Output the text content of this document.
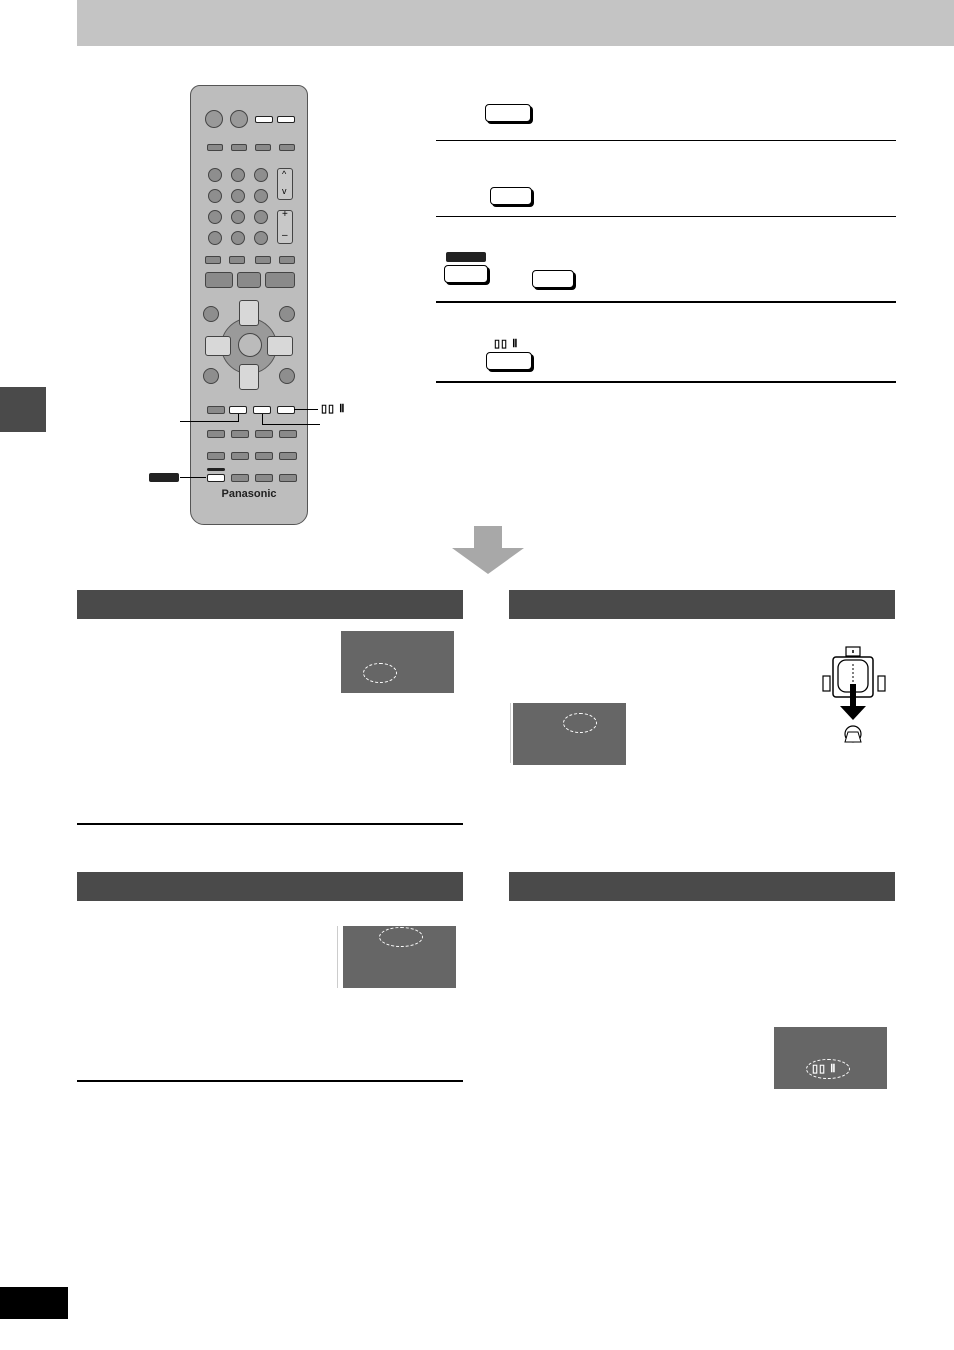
^
v
+
–
Panasonic
▯▯ Ⅱ
▯▯ Ⅱ
▯▯ Ⅱ
